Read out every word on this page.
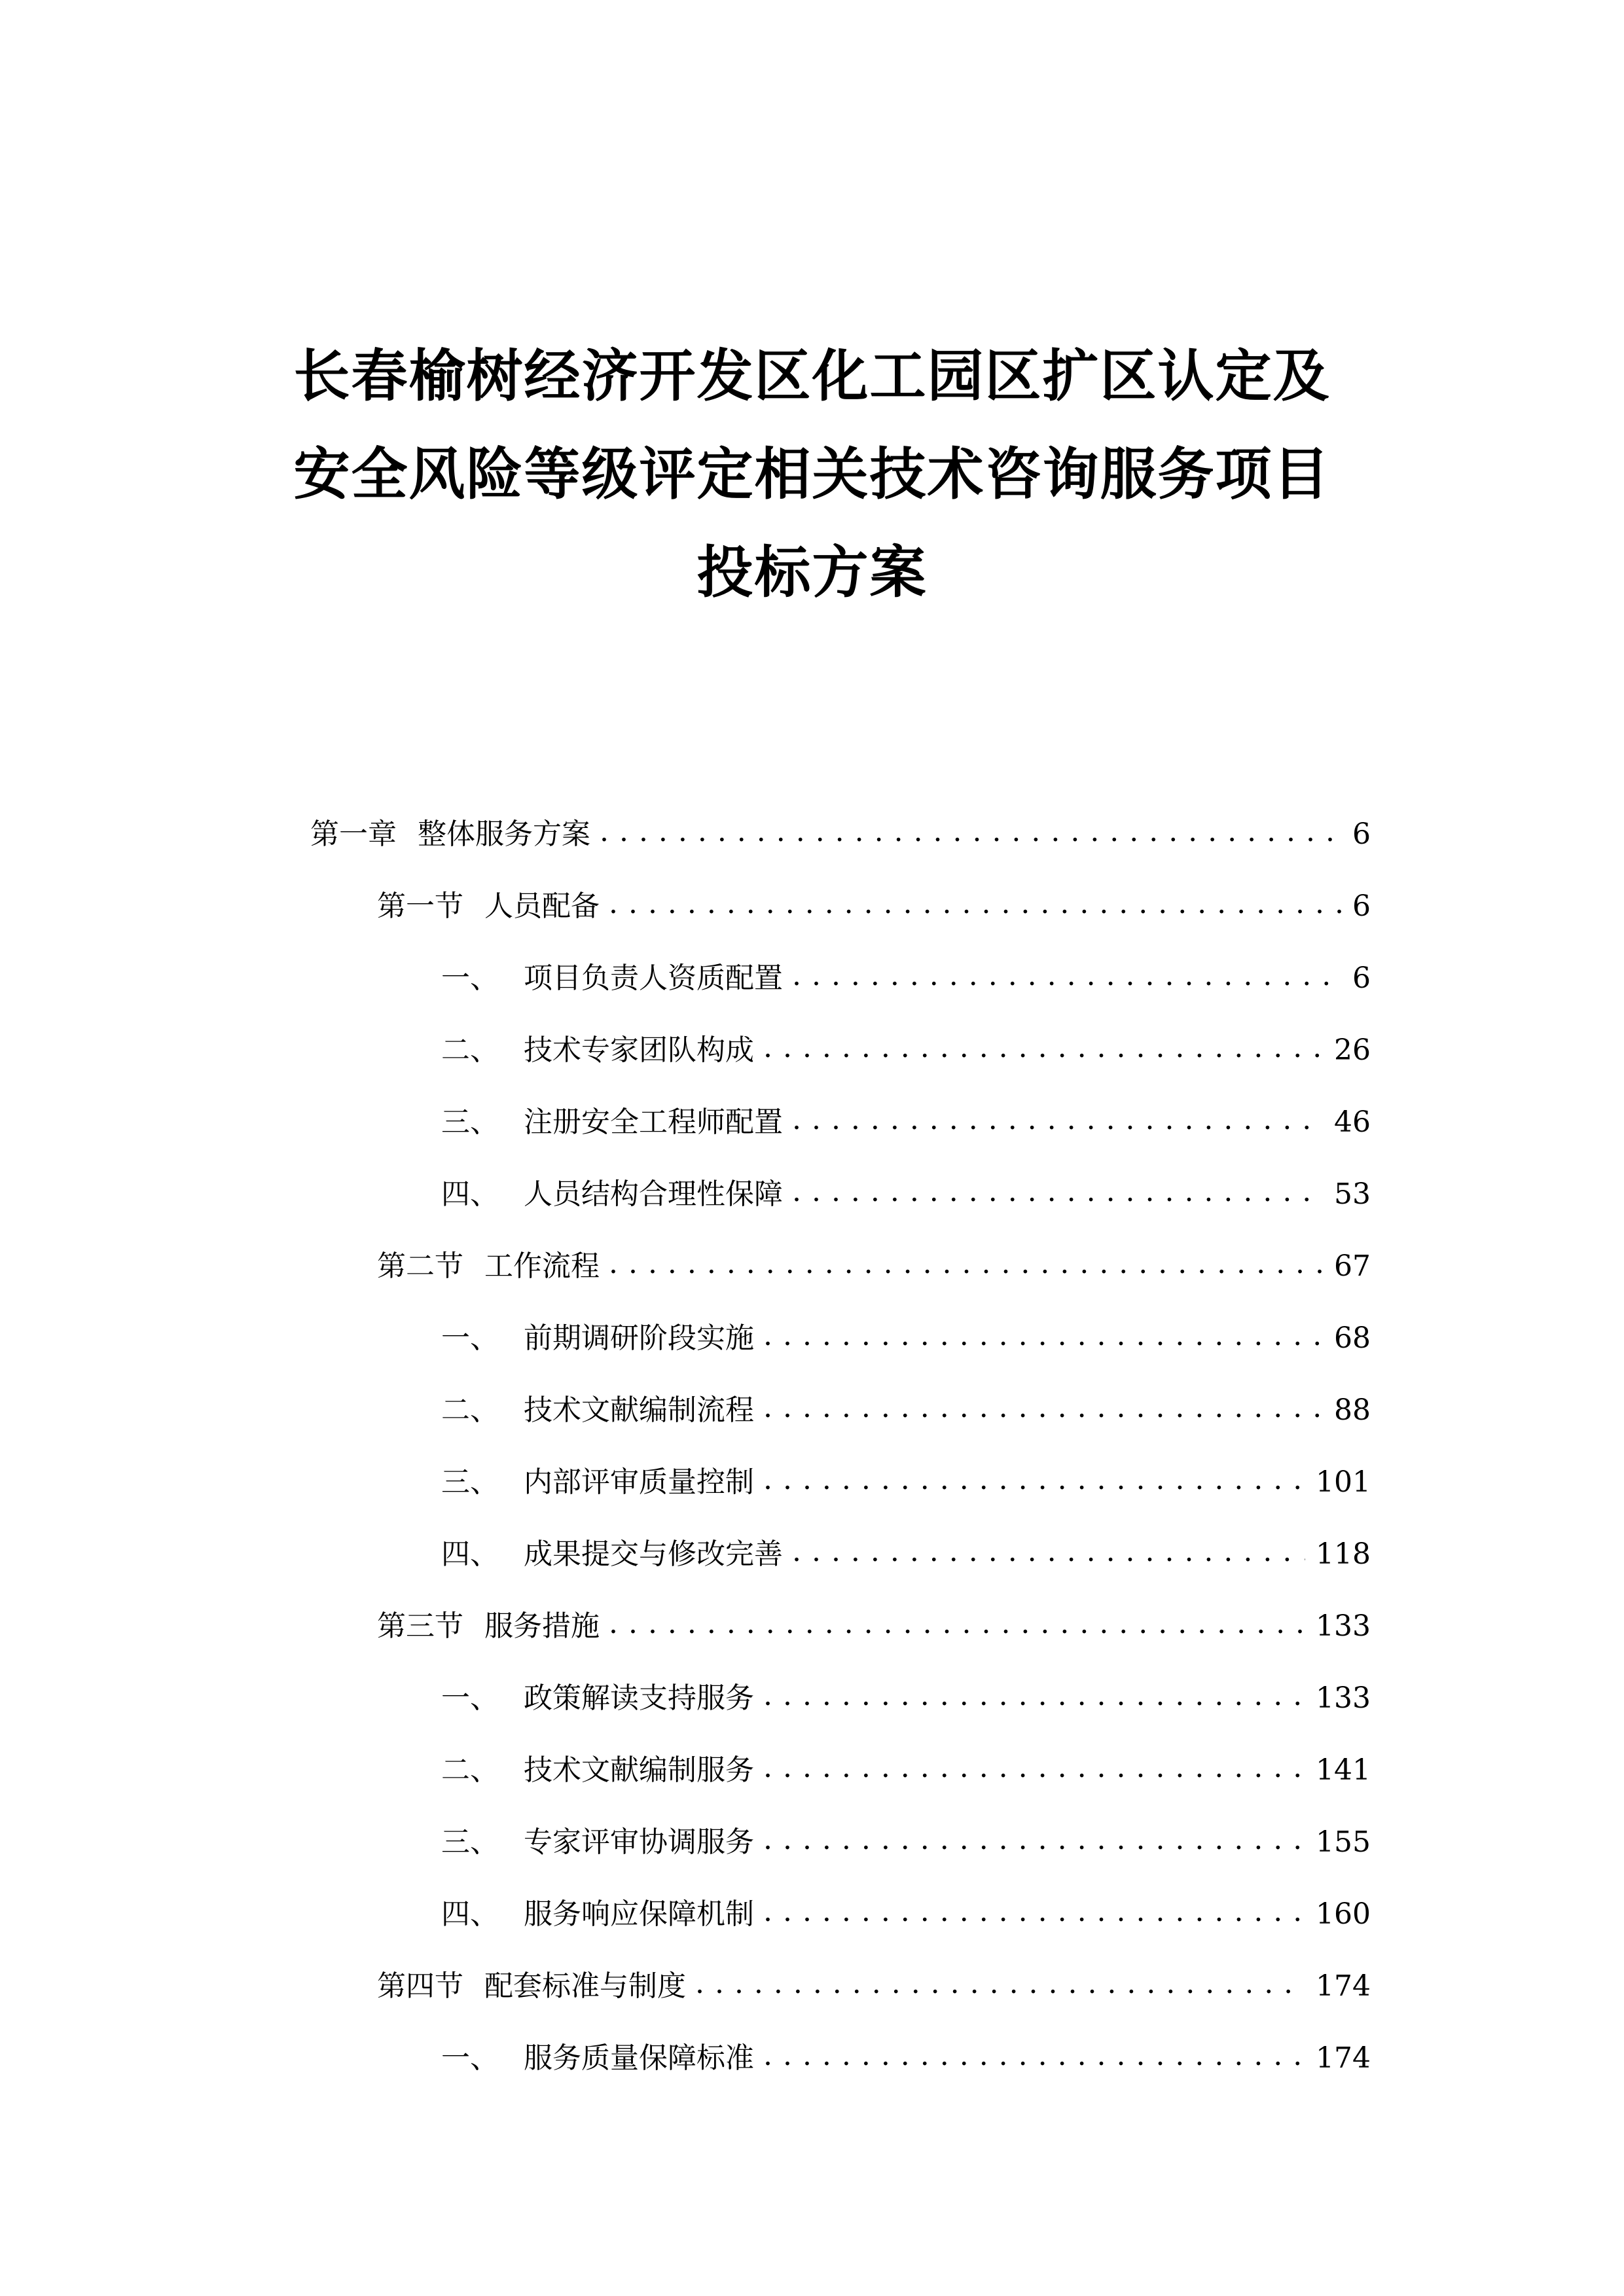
长春榆树经济开发区化工园区扩区认定及
安全风险等级评定相关技术咨询服务项目
投标方案
第一章 整体服务方案 . . .	6
第一节 人员配备 . . .	6
一、 项目负责人资质配置 . . .	6
二、 技术专家团队构成 . . .	26
三、 注册安全工程师配置 . . .	46
四、 人员结构合理性保障 . . .	53
第二节 工作流程 . . .	67
一、 前期调研阶段实施 . . .	68
二、 技术文献编制流程 . . .	88
三、 内部评审质量控制 . . .	101
四、 成果提交与修改完善 . . .	118
第三节 服务措施 . . .	133
一、 政策解读支持服务 . . .	133
二、 技术文献编制服务 . . .	141
三、 专家评审协调服务 . . .	155
四、 服务响应保障机制 . . .	160
第四节 配套标准与制度 . . .	174
一、 服务质量保障标准 . . .	174
